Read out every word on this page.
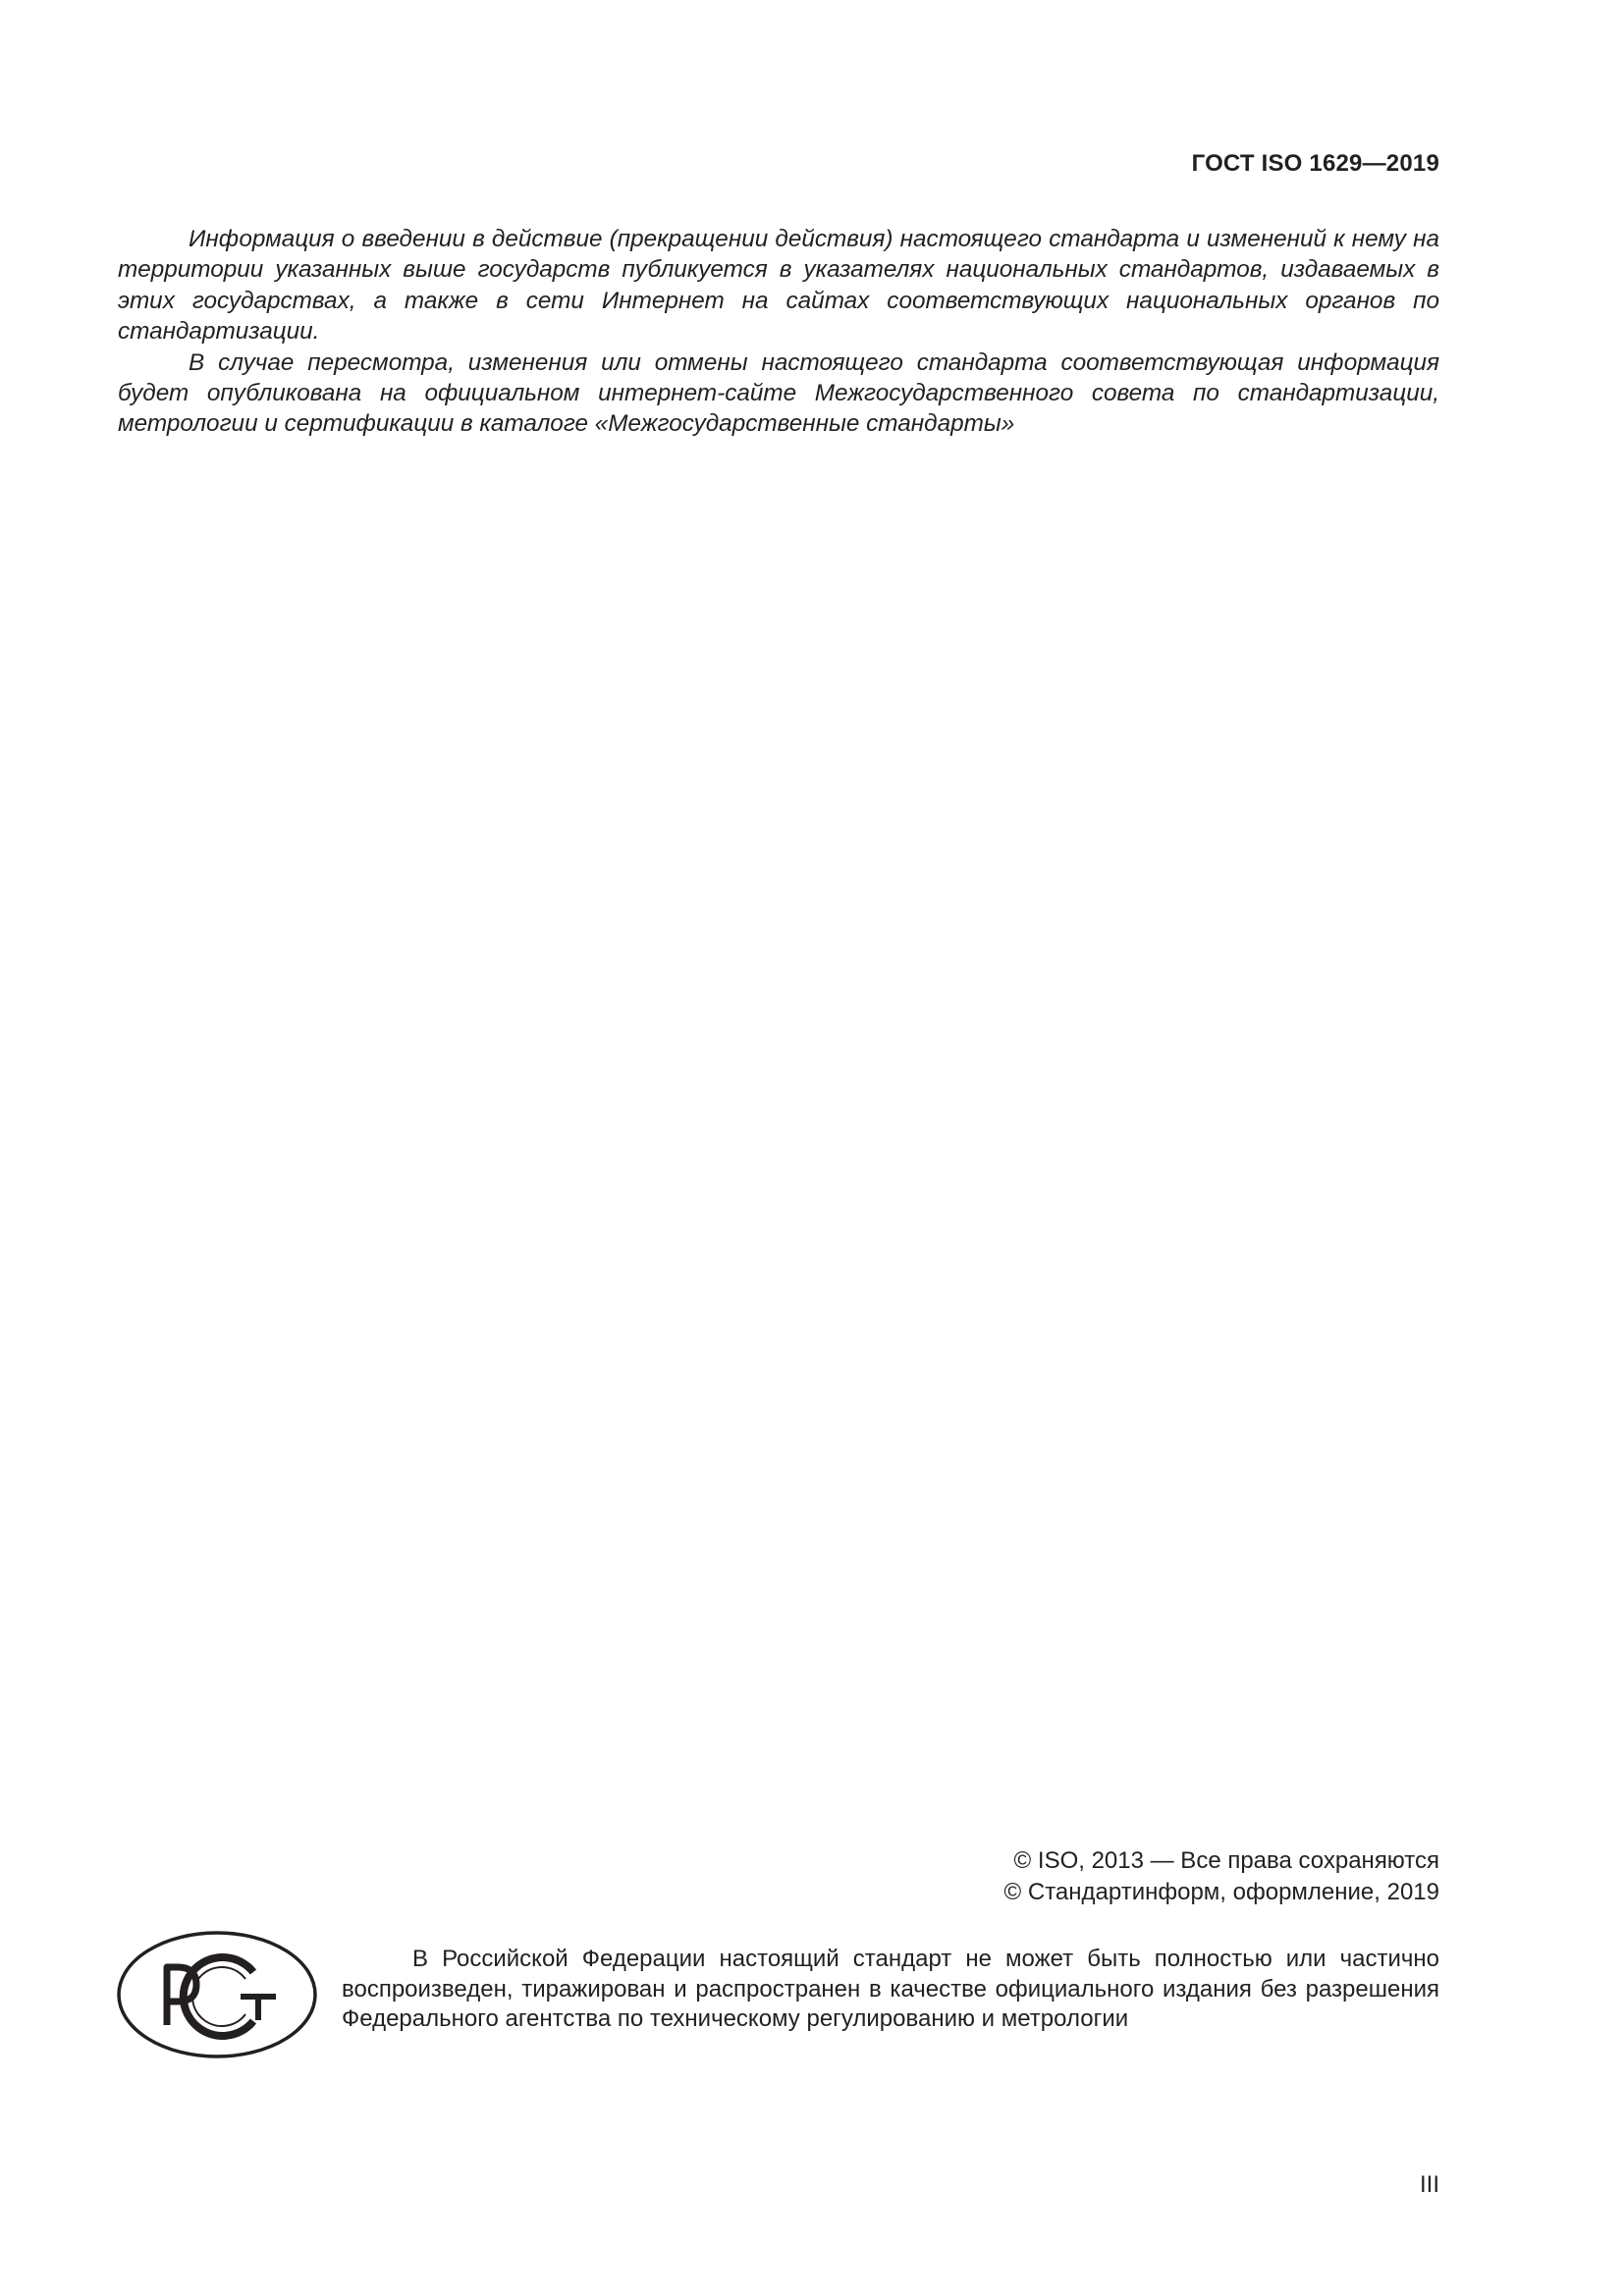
ГОСТ ISO 1629—2019

Информация о введении в действие (прекращении действия) настоящего стандарта и изменений к нему на территории указанных выше государств публикуется в указателях национальных стандартов, издаваемых в этих государствах, а также в сети Интернет на сайтах соответствующих национальных органов по стандартизации.

В случае пересмотра, изменения или отмены настоящего стандарта соответствующая информация будет опубликована на официальном интернет-сайте Межгосударственного совета по стандартизации, метрологии и сертификации в каталоге «Межгосударственные стандарты»

© ISO, 2013 — Все права сохраняются
© Стандартинформ, оформление, 2019

В Российской Федерации настоящий стандарт не может быть полностью или частично воспроизведен, тиражирован и распространен в качестве официального издания без разрешения Федерального агентства по техническому регулированию и метрологии

III
